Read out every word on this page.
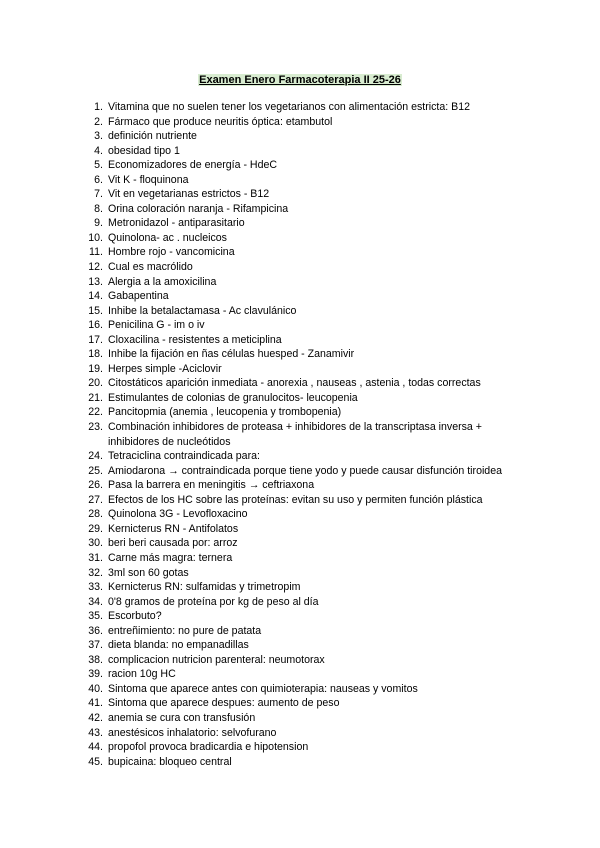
Examen Enero Farmacoterapia II 25-26
1. Vitamina que no suelen tener los vegetarianos con alimentación estricta: B12
2. Fármaco que produce neuritis óptica: etambutol
3. definición nutriente
4. obesidad tipo 1
5. Economizadores de energía - HdeC
6. Vit K - floquinona
7. Vit en vegetarianas estrictos - B12
8. Orina coloración naranja - Rifampicina
9. Metronidazol - antiparasitario
10. Quinolona- ac . nucleicos
11. Hombre rojo - vancomicina
12. Cual es macrólido
13. Alergia a la amoxicilina
14. Gabapentina
15. Inhibe la betalactamasa - Ac clavulánico
16. Penicilina G - im o iv
17. Cloxacilina - resistentes a meticiplina
18. Inhibe la fijación en ñas células huesped - Zanamivir
19. Herpes simple -Aciclovir
20. Citostáticos aparición inmediata - anorexia , nauseas , astenia , todas correctas
21. Estimulantes de colonias de granulocitos- leucopenia
22. Pancitopmia (anemia , leucopenia y trombopenia)
23. Combinación inhibidores de proteasa + inhibidores de la transcriptasa inversa + inhibidores de nucleótidos
24. Tetraciclina contraindicada para:
25. Amiodarona → contraindicada porque tiene yodo y puede causar disfunción tiroidea
26. Pasa la barrera en meningitis → ceftriaxona
27. Efectos de los HC sobre las proteínas: evitan su uso y permiten función plástica
28. Quinolona 3G - Levofloxacino
29. Kernicterus RN - Antifolatos
30. beri beri causada por: arroz
31. Carne más magra: ternera
32. 3ml son 60 gotas
33. Kernicterus RN: sulfamidas y trimetropim
34. 0'8 gramos de proteína por kg de peso al día
35. Escorbuto?
36. entreñimiento: no pure de patata
37. dieta blanda: no empanadillas
38. complicacion nutricion parenteral: neumotorax
39. racion 10g HC
40. Sintoma que aparece antes con quimioterapia: nauseas y vomitos
41. Sintoma que aparece despues: aumento de peso
42. anemia se cura con transfusión
43. anestésicos inhalatorio: selvofurano
44. propofol provoca bradicardia e hipotension
45. bupicaina: bloqueo central
